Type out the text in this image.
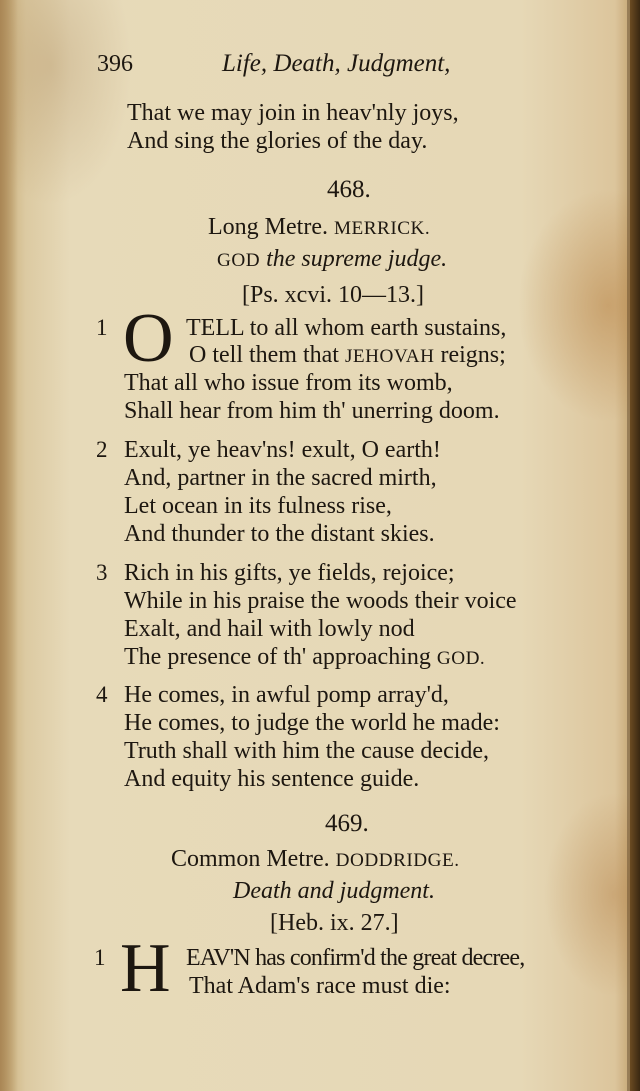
396	Life, Death, Judgment,
That we may join in heav'nly joys,
And sing the glories of the day.
468.
Long Metre. MERRICK.
GOD the supreme judge.
[Ps. xcvi. 10—13.]
1 O TELL to all whom earth sustains,
O tell them that JEHOVAH reigns;
That all who issue from its womb,
Shall hear from him th' unerring doom.
2 Exult, ye heav'ns! exult, O earth!
And, partner in the sacred mirth,
Let ocean in its fulness rise,
And thunder to the distant skies.
3 Rich in his gifts, ye fields, rejoice;
While in his praise the woods their voice
Exalt, and hail with lowly nod
The presence of th' approaching GOD.
4 He comes, in awful pomp array'd,
He comes, to judge the world he made:
Truth shall with him the cause decide,
And equity his sentence guide.
469.
Common Metre. DODDRIDGE.
Death and judgment.
[Heb. ix. 27.]
1 H EAV'N has confirm'd the great decree,
That Adam's race must die:
